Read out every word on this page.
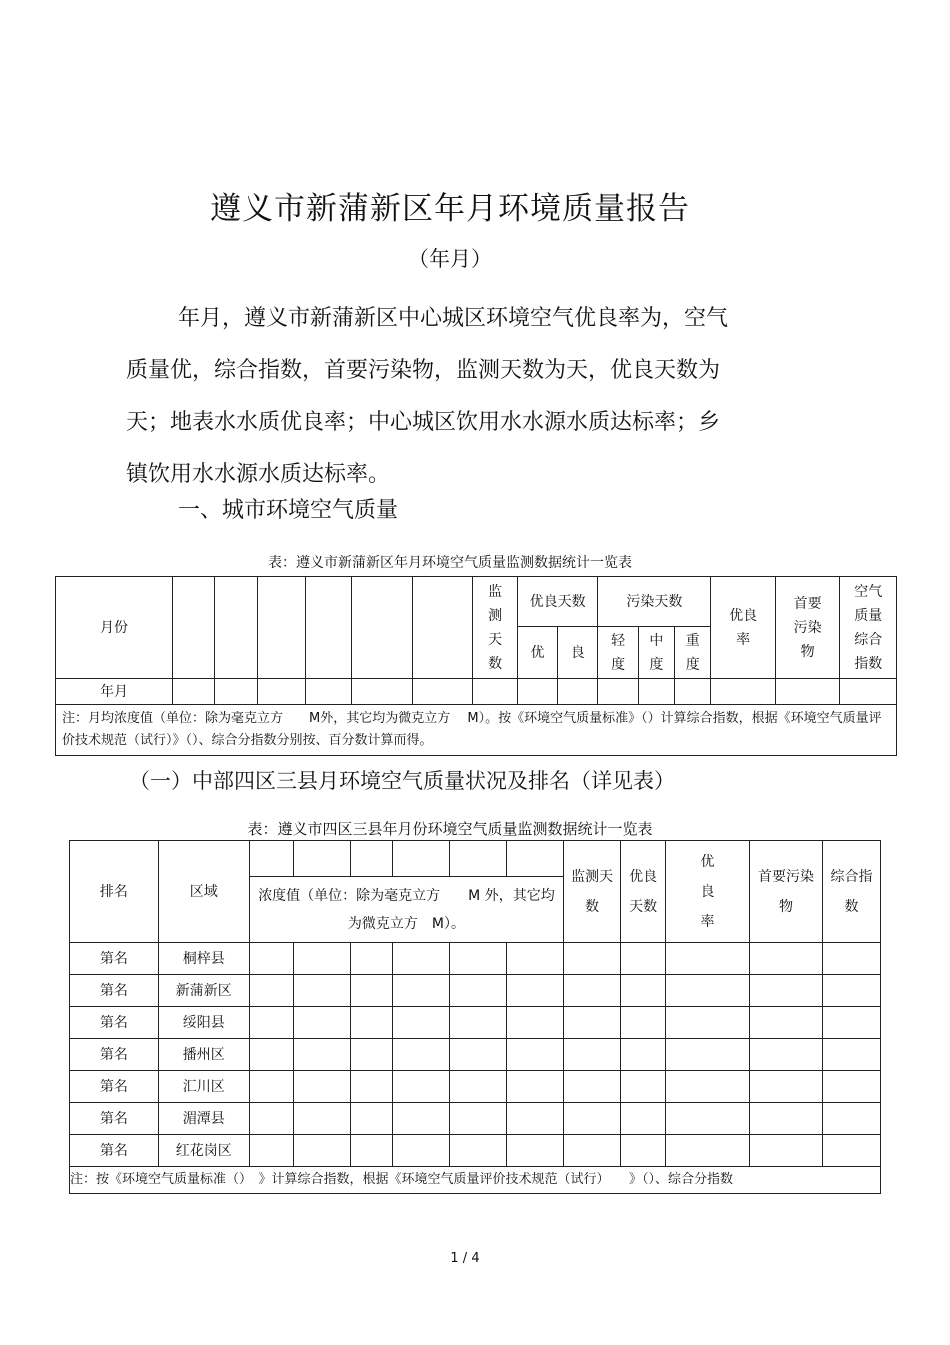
遵义市新蒲新区年月环境质量报告
（年月）
年月，遵义市新蒲新区中心城区环境空气优良率为，空气
质量优，综合指数，首要污染物，监测天数为天，优良天数为
天；地表水水质优良率；中心城区饮用水水源水质达标率；乡
镇饮用水水源水质达标率。
一、城市环境空气质量
表：遵义市新蒲新区年月环境空气质量监测数据统计一览表
月份							监测天数	优良天数		污染天数			优良率	首要污染物	空气质量综合指数
								优	良	轻度	中度	重度			
年月															
注：月均浓度值（单位：除为毫克立方　　M外，其它均为微克立方　 M）。按《环境空气质量标准》（）计算综合指数，根据《环境空气质量评价技术规范（试行）》（）、综合分指数分别按、百分数计算而得。															
（一）中部四区三县月环境空气质量状况及排名（详见表）
表：遵义市四区三县年月份环境空气质量监测数据统计一览表
排名	区域							监测天数	优良天数	优良率	首要污染物	综合指数
		浓度值（单位：除为毫克立方　　M 外，其它均为微克立方　M）。										
第名	桐梓县											
第名	新蒲新区											
第名	绥阳县											
第名	播州区											
第名	汇川区											
第名	湄潭县											
第名	红花岗区											
注：按《环境空气质量标准（）　》计算综合指数，根据《环境空气质量评价技术规范（试行）　　》（）、综合分指数												
1 / 4
